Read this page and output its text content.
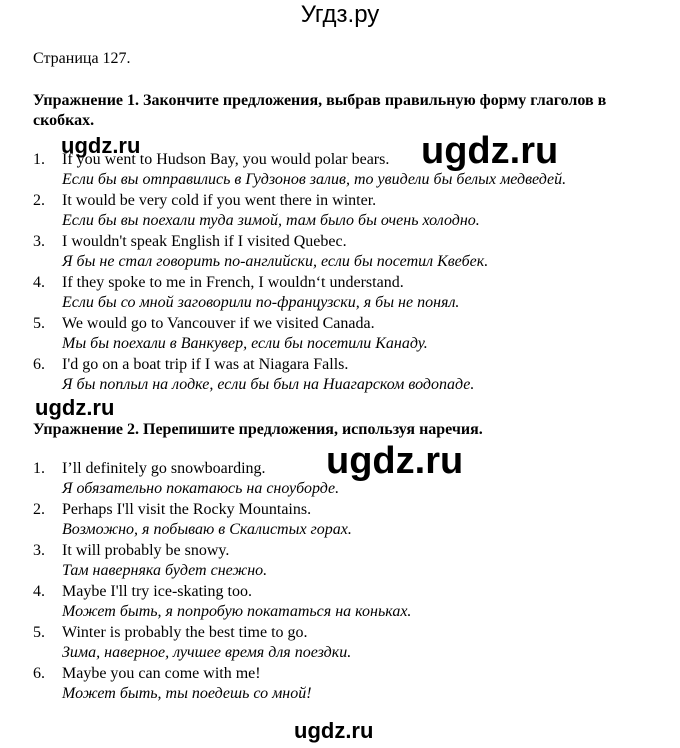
Угдз.ру
Страница 127.
Упражнение 1. Закончите предложения, выбрав правильную форму глаголов в скобках.
1. If you went to Hudson Bay, you would polar bears.
Если бы вы отправились в Гудзонов залив, то увидели бы белых медведей.
2. It would be very cold if you went there in winter.
Если бы вы поехали туда зимой, там было бы очень холодно.
3. I wouldn't speak English if I visited Quebec.
Я бы не стал говорить по-английски, если бы посетил Квебек.
4. If they spoke to me in French, I wouldn‘t understand.
Если бы со мной заговорили по-французски, я бы не понял.
5. We would go to Vancouver if we visited Canada.
Мы бы поехали в Ванкувер, если бы посетили Канаду.
6. I'd go on a boat trip if I was at Niagara Falls.
Я бы поплыл на лодке, если бы был на Ниагарском водопаде.
Упражнение 2. Перепишите предложения, используя наречия.
1. I’ll definitely go snowboarding.
Я обязательно покатаюсь на сноуборде.
2. Perhaps I'll visit the Rocky Mountains.
Возможно, я побываю в Скалистых горах.
3. It will probably be snowy.
Там наверняка будет снежно.
4. Maybe I'll try ice-skating too.
Может быть, я попробую покататься на коньках.
5. Winter is probably the best time to go.
Зима, наверное, лучшее время для поездки.
6. Maybe you can come with me!
Может быть, ты поедешь со мной!
ugdz.ru	ugdz.ru
ugdz.ru
ugdz.ru
ugdz.ru
